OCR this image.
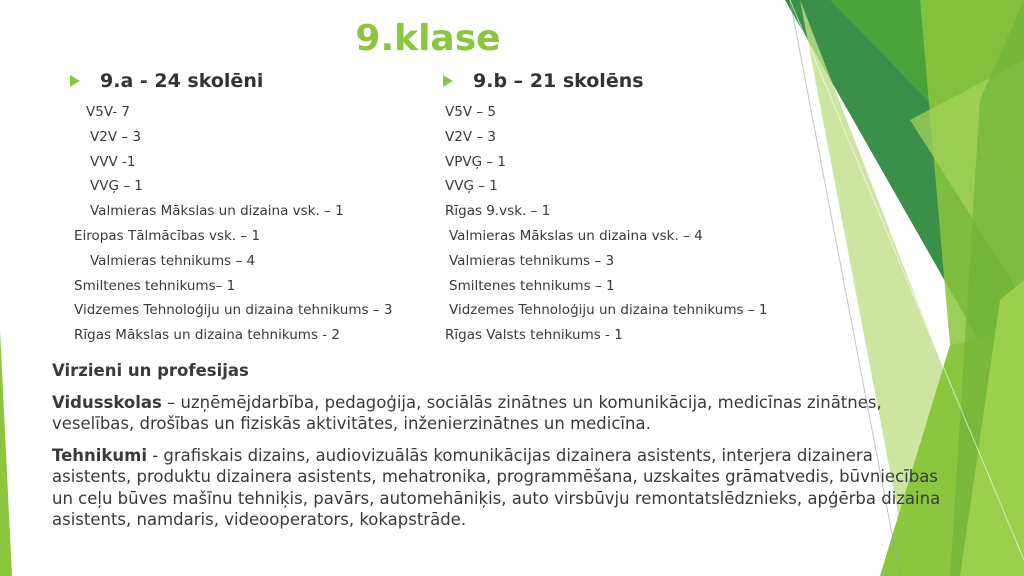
9.klase
9.a - 24 skolēni
V5V- 7
V2V – 3
VVV -1
VVĢ – 1
Valmieras Mākslas un dizaina vsk. – 1
Eiropas Tālmācības vsk. – 1
Valmieras tehnikums – 4
Smiltenes tehnikums– 1
Vidzemes Tehnoloģiju un dizaina tehnikums – 3
Rīgas Mākslas un dizaina tehnikums - 2
9.b – 21 skolēns
V5V – 5
V2V – 3
VPVĢ – 1
VVĢ – 1
Rīgas 9.vsk. – 1
Valmieras Mākslas un dizaina vsk. – 4
Valmieras tehnikums – 3
Smiltenes tehnikums – 1
Vidzemes Tehnoloģiju un dizaina tehnikums – 1
Rīgas Valsts tehnikums - 1

Virzieni un profesijas

Vidusskolas – uzņēmējdarbība, pedagoģija, sociālās zinātnes un komunikācija, medicīnas zinātnes, veselības, drošības un fiziskās aktivitātes, inženierzinātnes un medicīna.

Tehnikumi - grafiskais dizains, audiovizuālās komunikācijas dizainera asistents, interjera dizainera asistents, produktu dizainera asistents, mehatronika, programmēšana, uzskaites grāmatvedis, būvniecības un ceļu būves mašīnu tehniķis, pavārs, automehāniķis, auto virsbūvju remontatslēdznieks, apģērba dizaina asistents, namdaris, videooperators, kokapstrāde.
